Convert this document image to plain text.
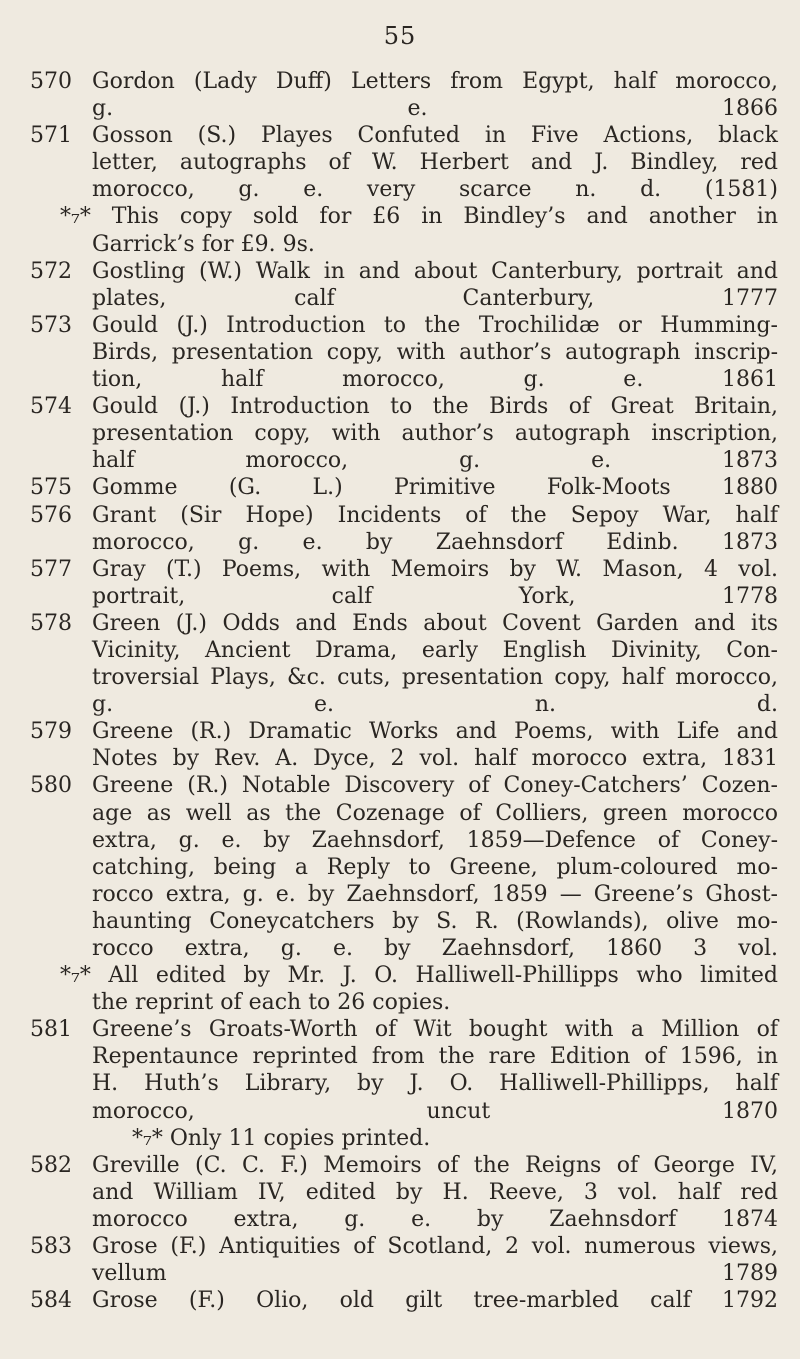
55
570 Gordon (Lady Duff) Letters from Egypt, half morocco,
g. e. 1866
571 Gosson (S.) Playes Confuted in Five Actions, black
letter, autographs of W. Herbert and J. Bindley, red
morocco, g. e. very scarce n. d. (1581)
*₇* This copy sold for £6 in Bindley’s and another in
Garrick’s for £9. 9s.
572 Gostling (W.) Walk in and about Canterbury, portrait and
plates, calf Canterbury, 1777
573 Gould (J.) Introduction to the Trochilidæ or Humming-
Birds, presentation copy, with author’s autograph inscrip-
tion, half morocco, g. e. 1861
574 Gould (J.) Introduction to the Birds of Great Britain,
presentation copy, with author’s autograph inscription,
half morocco, g. e. 1873
575 Gomme (G. L.) Primitive Folk-Moots 1880
576 Grant (Sir Hope) Incidents of the Sepoy War, half
morocco, g. e. by Zaehnsdorf Edinb. 1873
577 Gray (T.) Poems, with Memoirs by W. Mason, 4 vol.
portrait, calf York, 1778
578 Green (J.) Odds and Ends about Covent Garden and its
Vicinity, Ancient Drama, early English Divinity, Con-
troversial Plays, &c. cuts, presentation copy, half morocco,
g. e. n. d.
579 Greene (R.) Dramatic Works and Poems, with Life and
Notes by Rev. A. Dyce, 2 vol. half morocco extra, 1831
580 Greene (R.) Notable Discovery of Coney-Catchers’ Cozen-
age as well as the Cozenage of Colliers, green morocco
extra, g. e. by Zaehnsdorf, 1859—Defence of Coney-
catching, being a Reply to Greene, plum-coloured mo-
rocco extra, g. e. by Zaehnsdorf, 1859 — Greene’s Ghost-
haunting Coneycatchers by S. R. (Rowlands), olive mo-
rocco extra, g. e. by Zaehnsdorf, 1860 3 vol.
*₇* All edited by Mr. J. O. Halliwell-Phillipps who limited
the reprint of each to 26 copies.
581 Greene’s Groats-Worth of Wit bought with a Million of
Repentaunce reprinted from the rare Edition of 1596, in
H. Huth’s Library, by J. O. Halliwell-Phillipps, half
morocco, uncut 1870
*₇* Only 11 copies printed.
582 Greville (C. C. F.) Memoirs of the Reigns of George IV,
and William IV, edited by H. Reeve, 3 vol. half red
morocco extra, g. e. by Zaehnsdorf 1874
583 Grose (F.) Antiquities of Scotland, 2 vol. numerous views,
vellum 1789
584 Grose (F.) Olio, old gilt tree-marbled calf 1792
